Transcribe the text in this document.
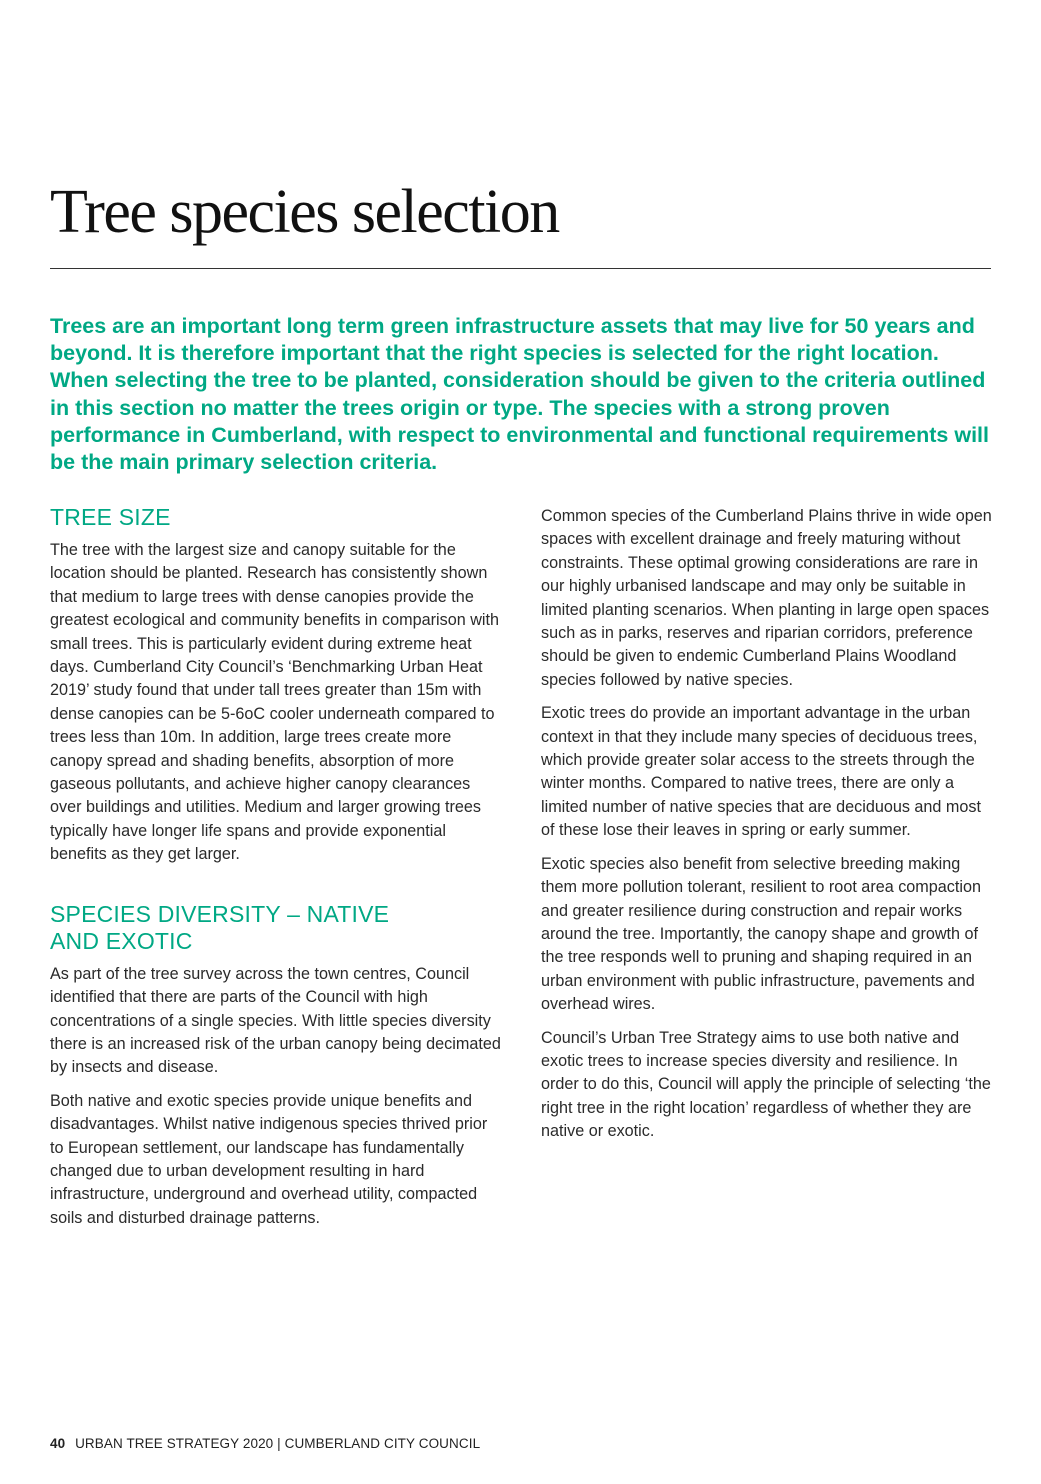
Tree species selection

Trees are an important long term green infrastructure assets that may live for 50 years and beyond. It is therefore important that the right species is selected for the right location. When selecting the tree to be planted, consideration should be given to the criteria outlined in this section no matter the trees origin or type. The species with a strong proven performance in Cumberland, with respect to environmental and functional requirements will be the main primary selection criteria.

TREE SIZE

The tree with the largest size and canopy suitable for the location should be planted. Research has consistently shown that medium to large trees with dense canopies provide the greatest ecological and community benefits in comparison with small trees. This is particularly evident during extreme heat days. Cumberland City Council’s ‘Benchmarking Urban Heat 2019’ study found that under tall trees greater than 15m with dense canopies can be 5-6oC cooler underneath compared to trees less than 10m. In addition, large trees create more canopy spread and shading benefits, absorption of more gaseous pollutants, and achieve higher canopy clearances over buildings and utilities. Medium and larger growing trees typically have longer life spans and provide exponential benefits as they get larger.

SPECIES DIVERSITY – NATIVE
AND EXOTIC

As part of the tree survey across the town centres, Council identified that there are parts of the Council with high concentrations of a single species. With little species diversity there is an increased risk of the urban canopy being decimated by insects and disease.

Both native and exotic species provide unique benefits and disadvantages. Whilst native indigenous species thrived prior to European settlement, our landscape has fundamentally changed due to urban development resulting in hard infrastructure, underground and overhead utility, compacted soils and disturbed drainage patterns.

Common species of the Cumberland Plains thrive in wide open spaces with excellent drainage and freely maturing without constraints. These optimal growing considerations are rare in our highly urbanised landscape and may only be suitable in limited planting scenarios. When planting in large open spaces such as in parks, reserves and riparian corridors, preference should be given to endemic Cumberland Plains Woodland species followed by native species.

Exotic trees do provide an important advantage in the urban context in that they include many species of deciduous trees, which provide greater solar access to the streets through the winter months. Compared to native trees, there are only a limited number of native species that are deciduous and most of these lose their leaves in spring or early summer.

Exotic species also benefit from selective breeding making them more pollution tolerant, resilient to root area compaction and greater resilience during construction and repair works around the tree. Importantly, the canopy shape and growth of the tree responds well to pruning and shaping required in an urban environment with public infrastructure, pavements and overhead wires.

Council’s Urban Tree Strategy aims to use both native and exotic trees to increase species diversity and resilience. In order to do this, Council will apply the principle of selecting ‘the right tree in the right location’ regardless of whether they are native or exotic.

40 URBAN TREE STRATEGY 2020 | CUMBERLAND CITY COUNCIL
